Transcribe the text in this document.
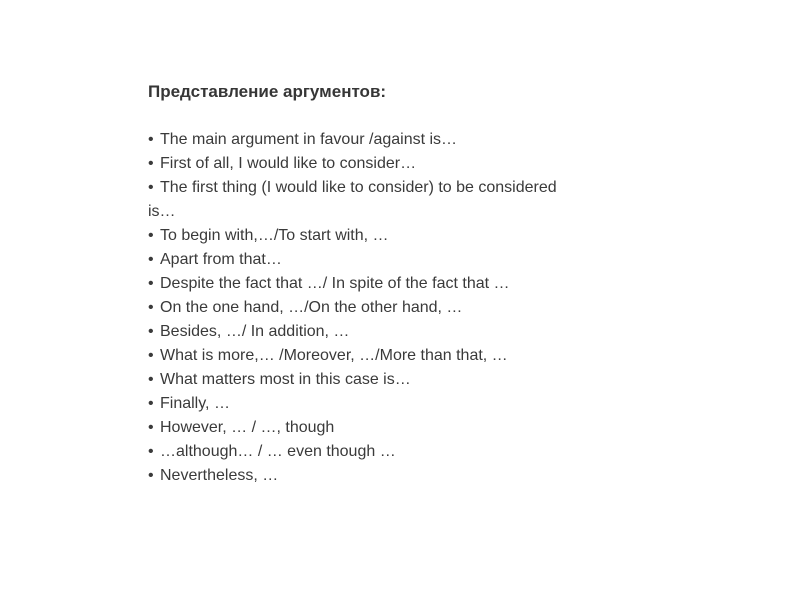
Представление аргументов:
• The main argument in favour /against is…
• First of all, I would like to consider…
• The first thing (I would like to consider) to be considered
is…
• To begin with,…/To start with, …
• Apart from that…
• Despite the fact that …/ In spite of the fact that …
• On the one hand, …/On the other hand, …
• Besides, …/ In addition, …
• What is more,… /Moreover, …/More than that, …
• What matters most in this case is…
• Finally, …
• However, … / …, though
• …although… / … even though …
• Nevertheless, …
